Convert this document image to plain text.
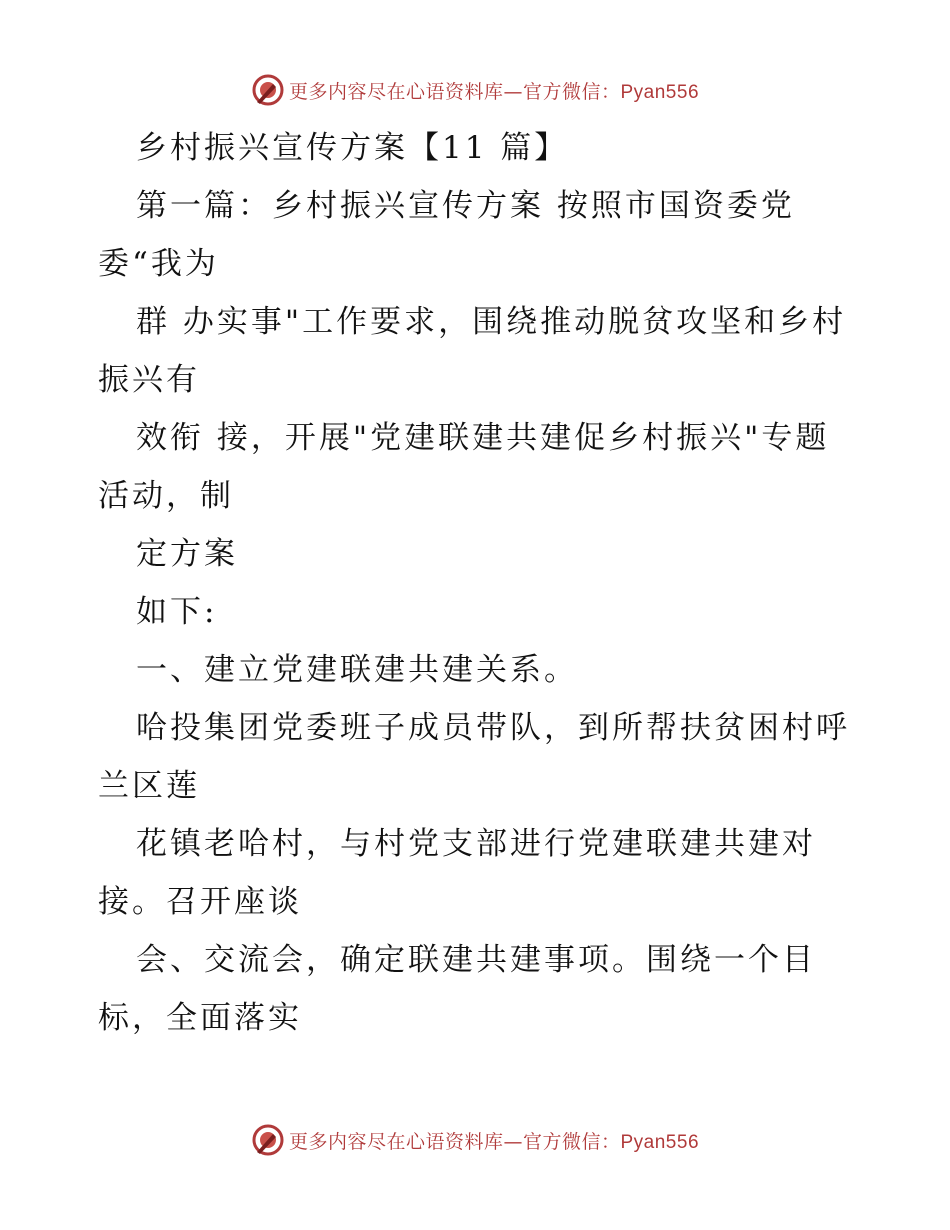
更多内容尽在心语资料库—官方微信：Pyan556
乡村振兴宣传方案【11 篇】
第一篇：乡村振兴宣传方案 按照市国资委党
委“我为
群 办实事"工作要求，围绕推动脱贫攻坚和乡村
振兴有
效衔 接，开展"党建联建共建促乡村振兴"专题
活动，制
定方案
如下:
一、建立党建联建共建关系。
哈投集团党委班子成员带队，到所帮扶贫困村呼
兰区莲
花镇老哈村，与村党支部进行党建联建共建对
接。召开座谈
会、交流会，确定联建共建事项。围绕一个目
标，全面落实
更多内容尽在心语资料库—官方微信：Pyan556
